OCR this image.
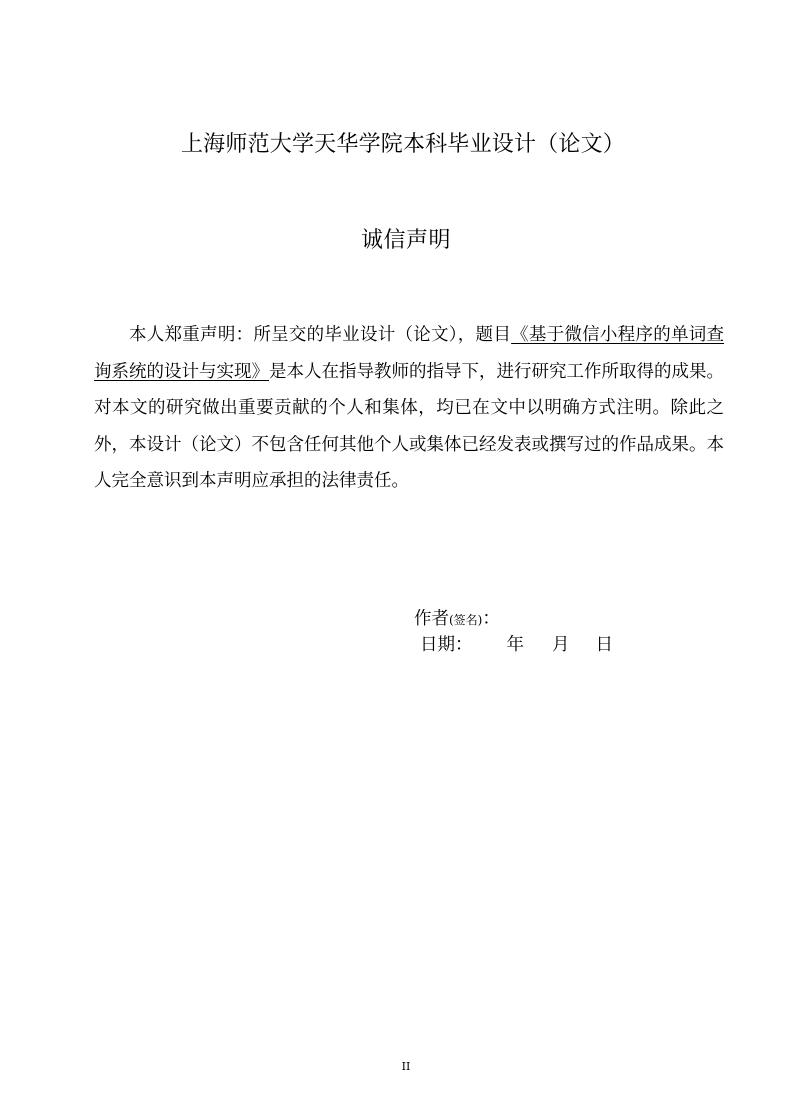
上海师范大学天华学院本科毕业设计（论文）
诚信声明
本人郑重声明：所呈交的毕业设计（论文），题目《基于微信小程序的单词查询系统的设计与实现》是本人在指导教师的指导下，进行研究工作所取得的成果。对本文的研究做出重要贡献的个人和集体，均已在文中以明确方式注明。除此之外，本设计（论文）不包含任何其他个人或集体已经发表或撰写过的作品成果。本人完全意识到本声明应承担的法律责任。
作者(签名)：
日期： 年 月 日
II
